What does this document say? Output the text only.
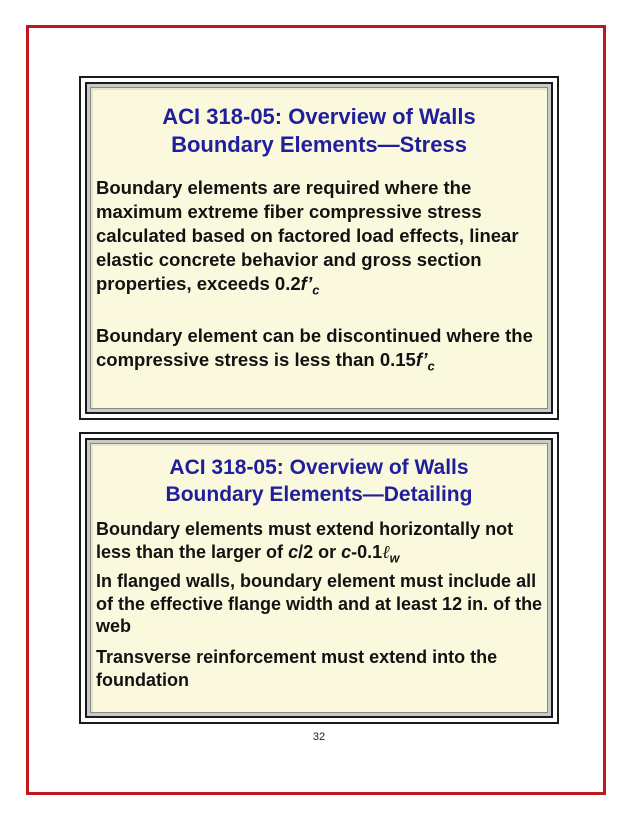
ACI 318-05: Overview of Walls
Boundary Elements—Stress
Boundary elements are required where the maximum extreme fiber compressive stress calculated based on factored load effects, linear elastic concrete behavior and gross section properties, exceeds $0.2f’_c$
Boundary element can be discontinued where the compressive stress is less than $0.15f’_c$
ACI 318-05: Overview of Walls
Boundary Elements—Detailing
Boundary elements must extend horizontally not less than the larger of c/2 or c-0.1ℓ$_w$
In flanged walls, boundary element must include all of the effective flange width and at least 12 in. of the web
Transverse reinforcement must extend into the foundation
32
